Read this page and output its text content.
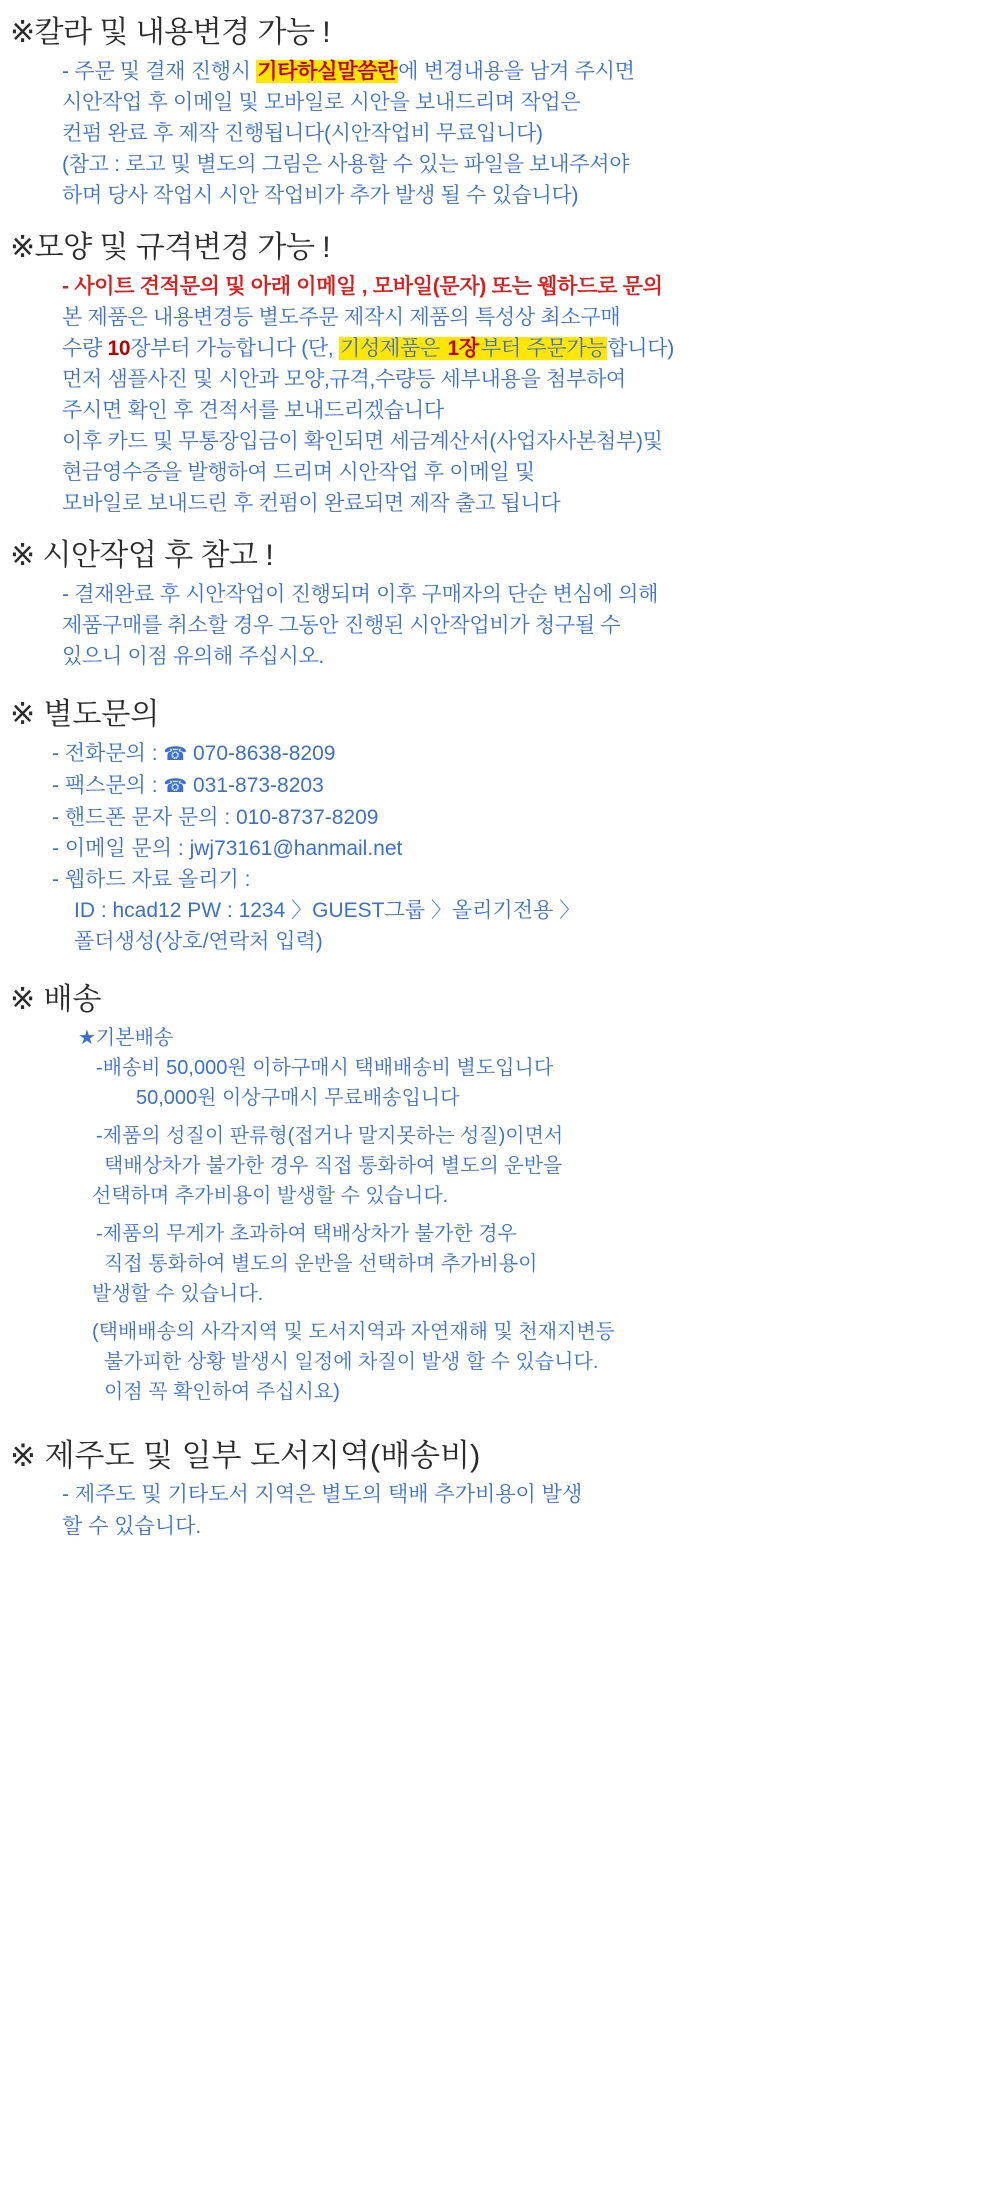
※칼라 및 내용변경 가능 !
- 주문 및 결재 진행시 기타하실말씀란에 변경내용을 남겨 주시면
시안작업 후 이메일 및 모바일로 시안을 보내드리며 작업은
컨펌 완료 후 제작 진행됩니다(시안작업비 무료입니다)
(참고 : 로고 및 별도의 그림은 사용할 수 있는 파일을 보내주셔야
하며 당사 작업시 시안 작업비가 추가 발생 될 수 있습니다)
※모양 및 규격변경 가능 !
- 사이트 견적문의 및 아래 이메일 , 모바일(문자) 또는 웹하드로 문의
본 제품은 내용변경등 별도주문 제작시 제품의 특성상 최소구매
수량 10장부터 가능합니다 (단, 기성제품은 1장부터 주문가능합니다)
먼저 샘플사진 및 시안과 모양,규격,수량등 세부내용을 첨부하여
주시면 확인 후 견적서를 보내드리겠습니다
이후 카드 및 무통장입금이 확인되면 세금계산서(사업자사본첨부)및
현금영수증을 발행하여 드리며 시안작업 후 이메일 및
모바일로 보내드린 후 컨펌이 완료되면 제작 출고 됩니다
※ 시안작업 후 참고 !
- 결재완료 후 시안작업이 진행되며 이후 구매자의 단순 변심에 의해
제품구매를 취소할 경우 그동안 진행된 시안작업비가 청구될 수
있으니 이점 유의해 주십시오.
※ 별도문의
- 전화문의 : ☎ 070-8638-8209
- 팩스문의 : ☎ 031-873-8203
- 핸드폰 문자 문의 : 010-8737-8209
- 이메일 문의 : jwj73161@hanmail.net
- 웹하드 자료 올리기 :
ID : hcad12 PW : 1234 〉GUEST그룹 〉올리기전용 〉
폴더생성(상호/연락처 입력)
※ 배송
★기본배송
-배송비 50,000원 이하구매시 택배배송비 별도입니다
50,000원 이상구매시 무료배송입니다
-제품의 성질이 판류형(접거나 말지못하는 성질)이면서
택배상차가 불가한 경우 직접 통화하여 별도의 운반을
선택하며 추가비용이 발생할 수 있습니다.
-제품의 무게가 초과하여 택배상차가 불가한 경우
직접 통화하여 별도의 운반을 선택하며 추가비용이
발생할 수 있습니다.
(택배배송의 사각지역 및 도서지역과 자연재해 및 천재지변등
불가피한 상황 발생시 일정에 차질이 발생 할 수 있습니다.
이점 꼭 확인하여 주십시요)
※ 제주도 및 일부 도서지역(배송비)
- 제주도 및 기타도서 지역은 별도의 택배 추가비용이 발생
할 수 있습니다.
